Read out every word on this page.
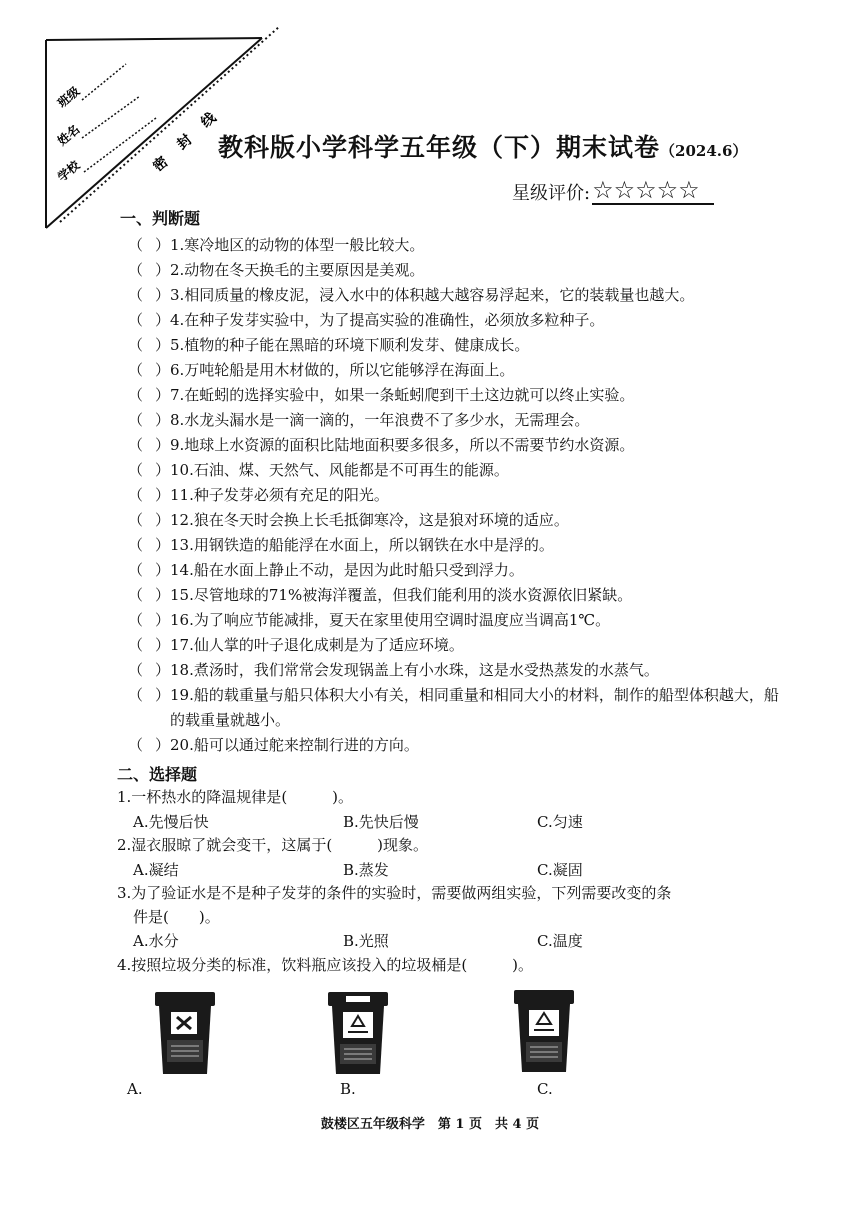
班级
姓名
学校	密
封
线
教科版小学科学五年级（下）期末试卷（2024.6）
星级评价: ☆ ☆ ☆ ☆ ☆
一、判断题
（ ） 1.寒冷地区的动物的体型一般比较大。
（ ） 2.动物在冬天换毛的主要原因是美观。
（ ） 3.相同质量的橡皮泥，浸入水中的体积越大越容易浮起来，它的装载量也越大。
（ ） 4.在种子发芽实验中，为了提高实验的准确性，必须放多粒种子。
（ ） 5.植物的种子能在黑暗的环境下顺利发芽、健康成长。
（ ） 6.万吨轮船是用木材做的，所以它能够浮在海面上。
（ ） 7.在蚯蚓的选择实验中，如果一条蚯蚓爬到干土这边就可以终止实验。
（ ） 8.水龙头漏水是一滴一滴的，一年浪费不了多少水，无需理会。
（ ） 9.地球上水资源的面积比陆地面积要多很多，所以不需要节约水资源。
（ ） 10.石油、煤、天然气、风能都是不可再生的能源。
（ ） 11.种子发芽必须有充足的阳光。
（ ） 12.狼在冬天时会换上长毛抵御寒冷，这是狼对环境的适应。
（ ） 13.用钢铁造的船能浮在水面上，所以钢铁在水中是浮的。
（ ） 14.船在水面上静止不动，是因为此时船只受到浮力。
（ ） 15.尽管地球的71%被海洋覆盖，但我们能利用的淡水资源依旧紧缺。
（ ） 16.为了响应节能减排，夏天在家里使用空调时温度应当调高1℃。
（ ） 17.仙人掌的叶子退化成刺是为了适应环境。
（ ） 18.煮汤时，我们常常会发现锅盖上有小水珠，这是水受热蒸发的水蒸气。
（ ） 19.船的载重量与船只体积大小有关，相同重量和相同大小的材料，制作的船型体积越大，船的载重量就越小。
（ ） 20.船可以通过舵来控制行进的方向。
二、选择题
1.一杯热水的降温规律是(　　　)。
A.先慢后快	B.先快后慢	C.匀速
2.湿衣服晾了就会变干，这属于(　　　)现象。
A.凝结	B.蒸发	C.凝固
3.为了验证水是不是种子发芽的条件的实验时，需要做两组实验，下列需要改变的条
件是(　　)。
A.水分	B.光照	C.温度
4.按照垃圾分类的标准，饮料瓶应该投入的垃圾桶是(　　　)。
A.	B.	C.
鼓楼区五年级科学　第 1 页　共 4 页
